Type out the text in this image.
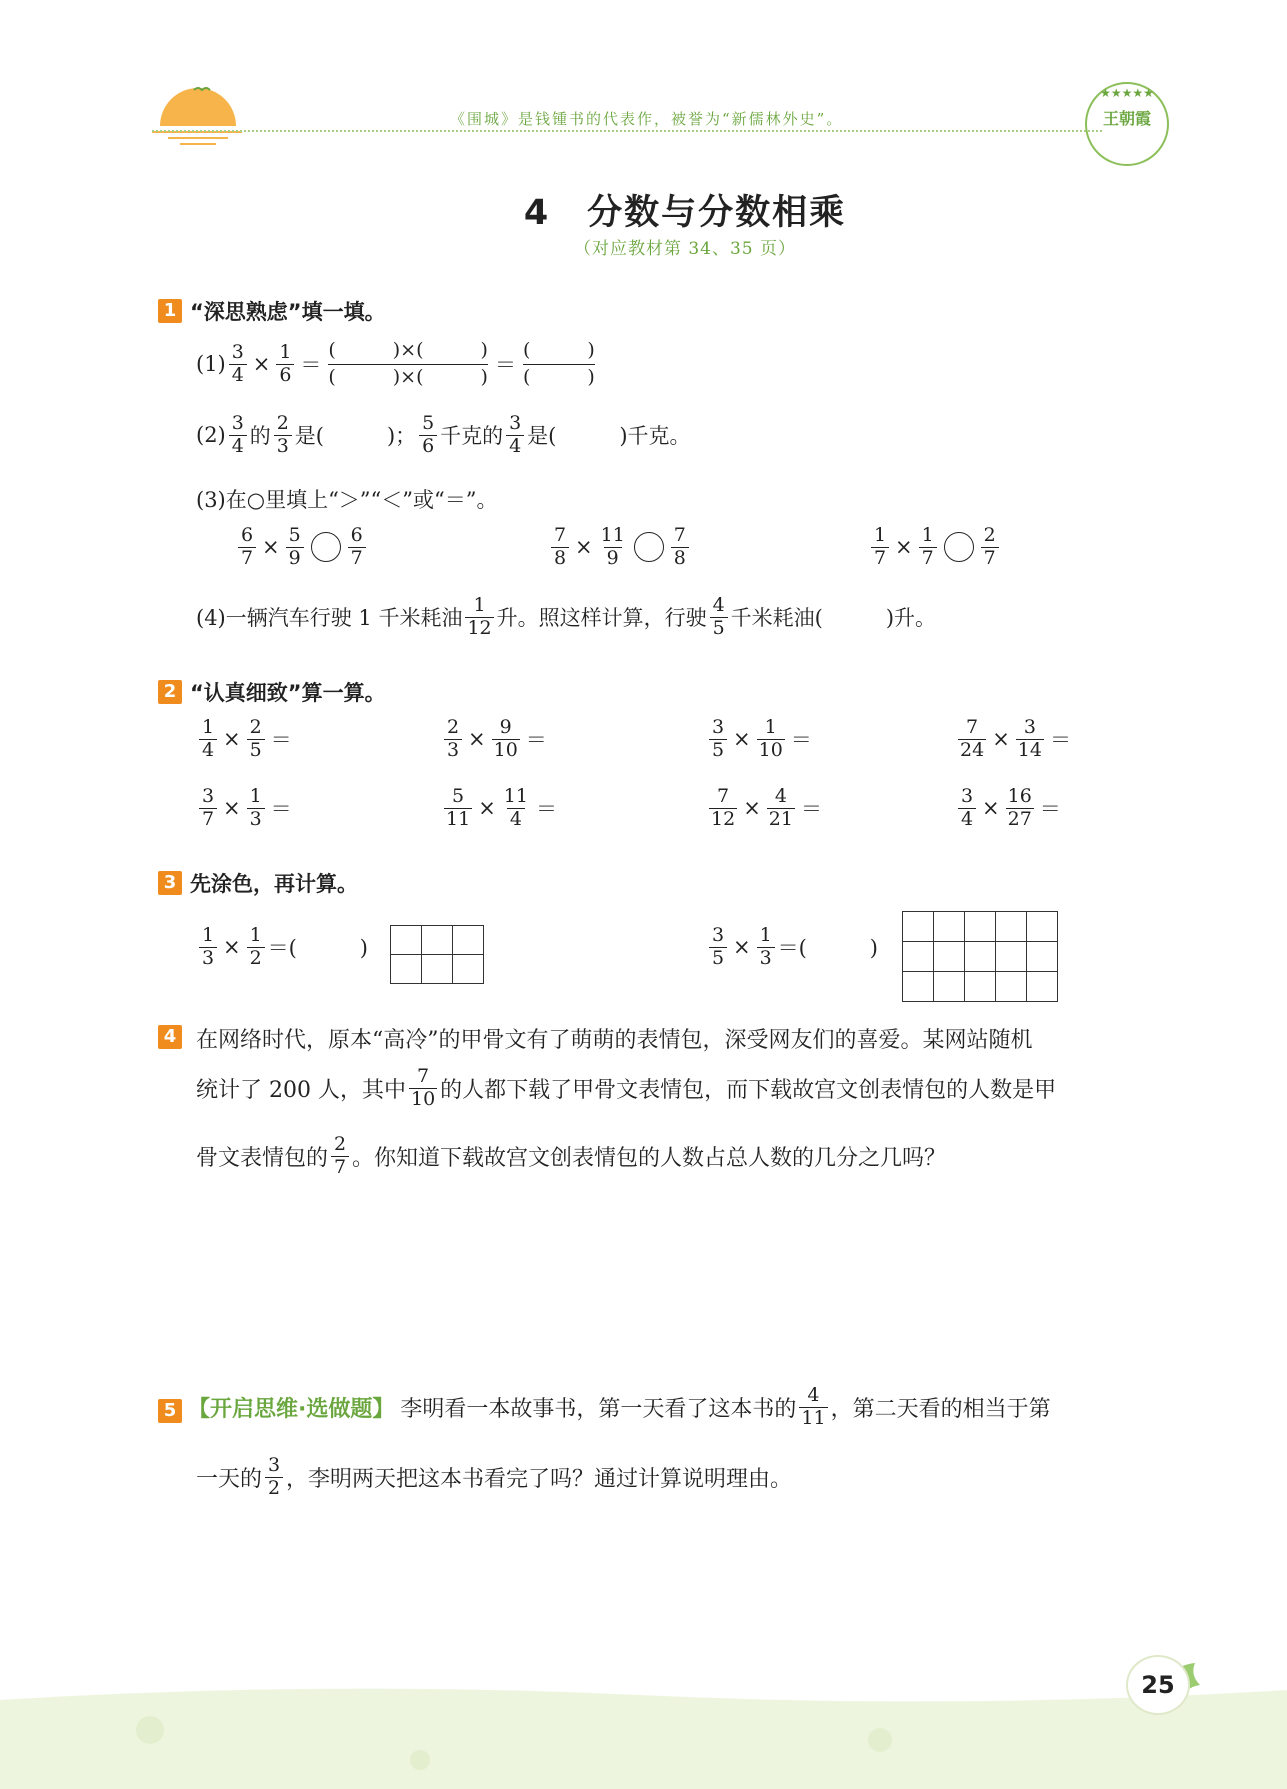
《围城》是钱锺书的代表作，被誉为“新儒林外史”。
★★★★★
王朝霞
4　分数与分数相乘
（对应教材第 34、35 页）
1 “深思熟虑”填一填。
$(1) \frac{3}{4} \times \frac{1}{6}$ ＝
(　　　)×(　　　)
(　　　)×(　　　) ＝
(　　　)
(　　　)
$(2) \frac{3}{4}$ 的 $\frac{2}{3}$ 是(　　　)； $\frac{5}{6}$ 千克的 $\frac{3}{4}$ 是(　　　)千克。
(3)在○里填上“＞”“＜”或“＝”。
$\frac{6}{7} \times \frac{5}{9} \frac{6}{7}$	$\frac{7}{8} \times \frac{11}{9} \frac{7}{8}$	$\frac{1}{7} \times \frac{1}{7} \frac{2}{7}$
(4)一辆汽车行驶 1 千米耗油 $\frac{1}{12}$ 升。照这样计算，行驶 $\frac{4}{5}$ 千米耗油(　　　)升。
2 “认真细致”算一算。
$\frac{1}{4} \times \frac{2}{5}$ ＝	$\frac{2}{3} \times \frac{9}{10}$ ＝	$\frac{3}{5} \times \frac{1}{10}$ ＝	$\frac{7}{24} \times \frac{3}{14}$ ＝
$\frac{3}{7} \times \frac{1}{3}$ ＝	$\frac{5}{11} \times \frac{11}{4}$ ＝	$\frac{7}{12} \times \frac{4}{21}$ ＝	$\frac{3}{4} \times \frac{16}{27}$ ＝
3 先涂色，再计算。
$\frac{1}{3} \times \frac{1}{2}$ ＝(　　　)

			$\frac{3}{5} \times \frac{1}{3}$ ＝(　　　)

4 在网络时代，原本“高冷”的甲骨文有了萌萌的表情包，深受网友们的喜爱。某网站随机
统计了 200 人，其中 $\frac{7}{10}$ 的人都下载了甲骨文表情包，而下载故宫文创表情包的人数是甲
骨文表情包的 $\frac{2}{7}$ 。你知道下载故宫文创表情包的人数占总人数的几分之几吗？
5 【开启思维·选做题】 李明看一本故事书，第一天看了这本书的 $\frac{4}{11}$ ，第二天看的相当于第
一天的 $\frac{3}{2}$ ，李明两天把这本书看完了吗？通过计算说明理由。
25
